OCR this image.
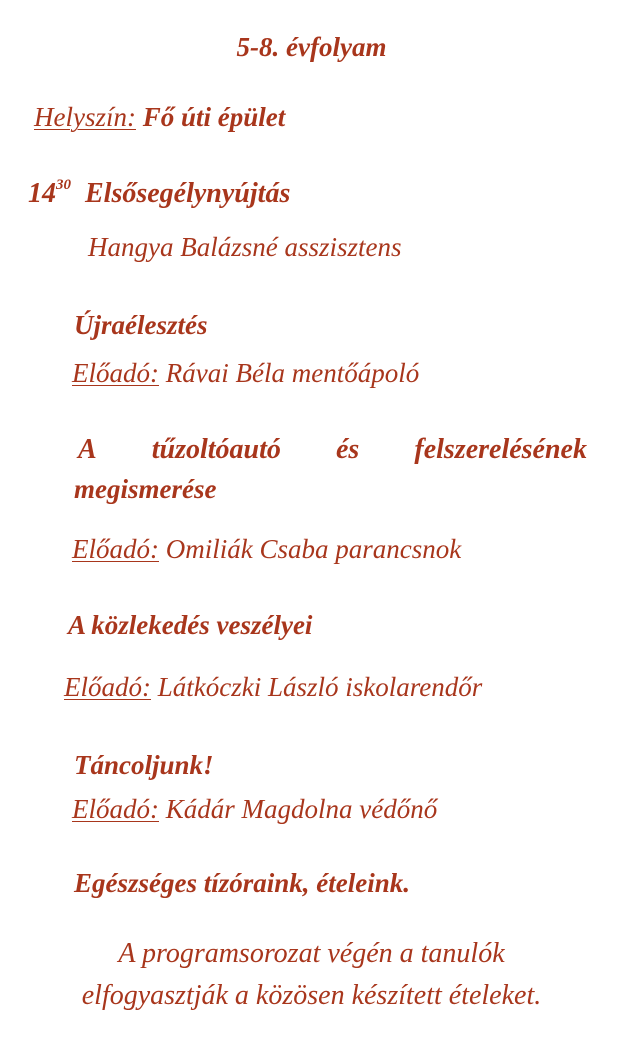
5-8. évfolyam
Helyszín: Fő úti épület
$14^{30}$ Elsősegélynyújtás
Hangya Balázsné asszisztens
Újraélesztés
Előadó: Rávai Béla mentőápoló
A tűzoltóautó és felszerelésének
megismerése
Előadó: Omiliák Csaba parancsnok
A közlekedés veszélyei
Előadó: Látkóczki László iskolarendőr
Táncoljunk!
Előadó: Kádár Magdolna védőnő
Egészséges tízóraink, ételeink.
A programsorozat végén a tanulók
elfogyasztják a közösen készített ételeket.
